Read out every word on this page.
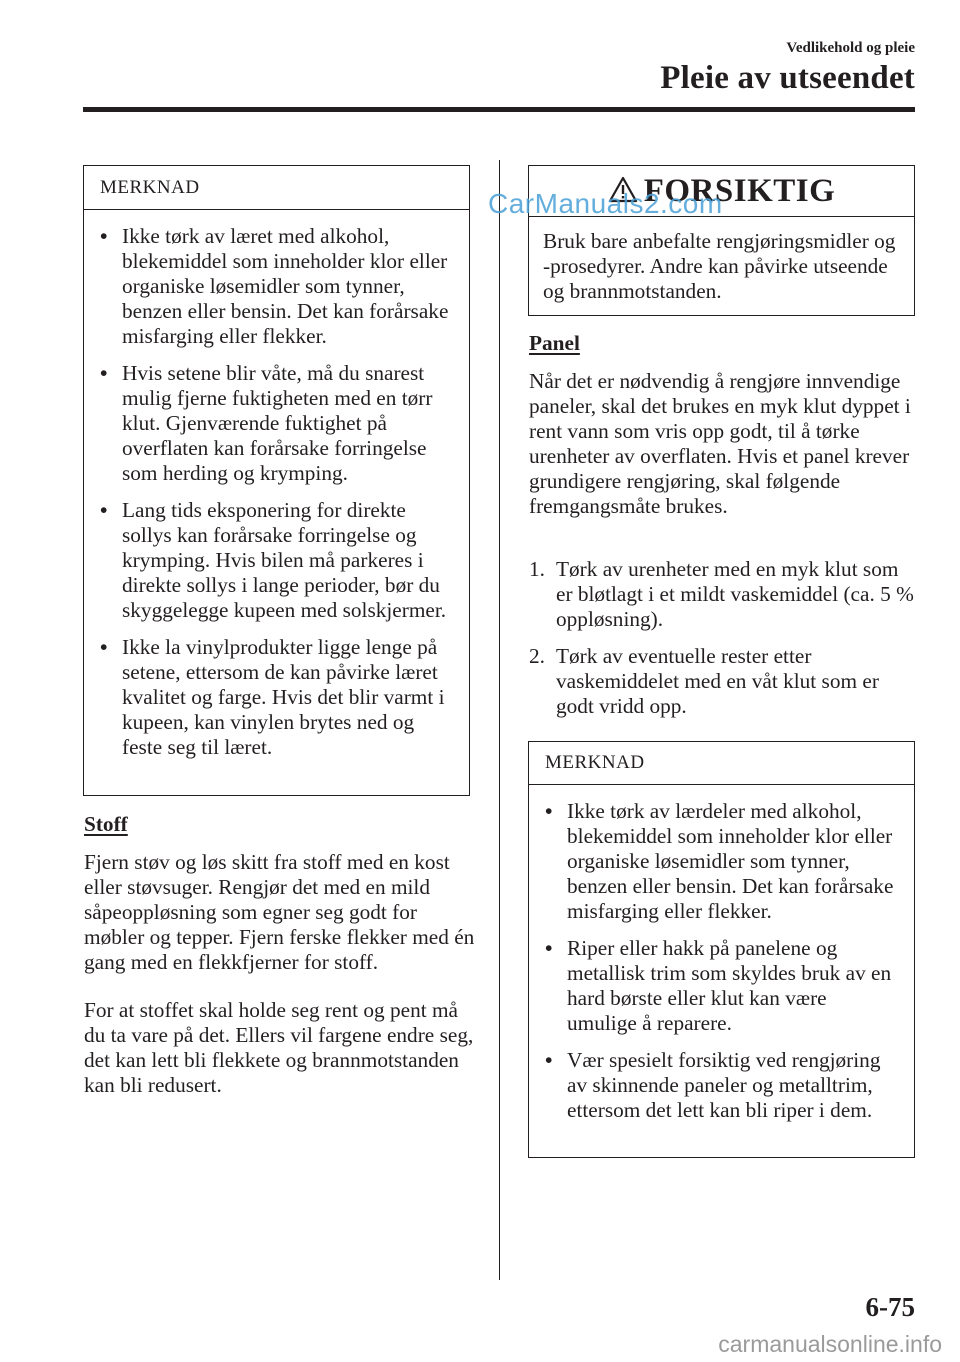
Vedlikehold og pleie
Pleie av utseendet
MERKNAD
• Ikke tørk av læret med alkohol, blekemiddel som inneholder klor eller organiske løsemidler som tynner, benzen eller bensin. Det kan forårsake misfarging eller flekker.
• Hvis setene blir våte, må du snarest mulig fjerne fuktigheten med en tørr klut. Gjenværende fuktighet på overflaten kan forårsake forringelse som herding og krymping.
• Lang tids eksponering for direkte sollys kan forårsake forringelse og krymping. Hvis bilen må parkeres i direkte sollys i lange perioder, bør du skyggelegge kupeen med solskjermer.
• Ikke la vinylprodukter ligge lenge på setene, ettersom de kan påvirke læret kvalitet og farge. Hvis det blir varmt i kupeen, kan vinylen brytes ned og feste seg til læret.
Stoff
Fjern støv og løs skitt fra stoff med en kost eller støvsuger. Rengjør det med en mild såpeoppløsning som egner seg godt for møbler og tepper. Fjern ferske flekker med én gang med en flekkfjerner for stoff.
For at stoffet skal holde seg rent og pent må du ta vare på det. Ellers vil fargene endre seg, det kan lett bli flekkete og brannmotstanden kan bli redusert.
FORSIKTIG
Bruk bare anbefalte rengjøringsmidler og -prosedyrer. Andre kan påvirke utseende og brannmotstanden.
Panel
Når det er nødvendig å rengjøre innvendige paneler, skal det brukes en myk klut dyppet i rent vann som vris opp godt, til å tørke urenheter av overflaten. Hvis et panel krever grundigere rengjøring, skal følgende fremgangsmåte brukes.
1. Tørk av urenheter med en myk klut som er bløtlagt i et mildt vaskemiddel (ca. 5 % oppløsning).
2. Tørk av eventuelle rester etter vaskemiddelet med en våt klut som er godt vridd opp.
MERKNAD
• Ikke tørk av lærdeler med alkohol, blekemiddel som inneholder klor eller organiske løsemidler som tynner, benzen eller bensin. Det kan forårsake misfarging eller flekker.
• Riper eller hakk på panelene og metallisk trim som skyldes bruk av en hard børste eller klut kan være umulige å reparere.
• Vær spesielt forsiktig ved rengjøring av skinnende paneler og metalltrim, ettersom det lett kan bli riper i dem.
CarManuals2.com
6-75
carmanualsonline.info
